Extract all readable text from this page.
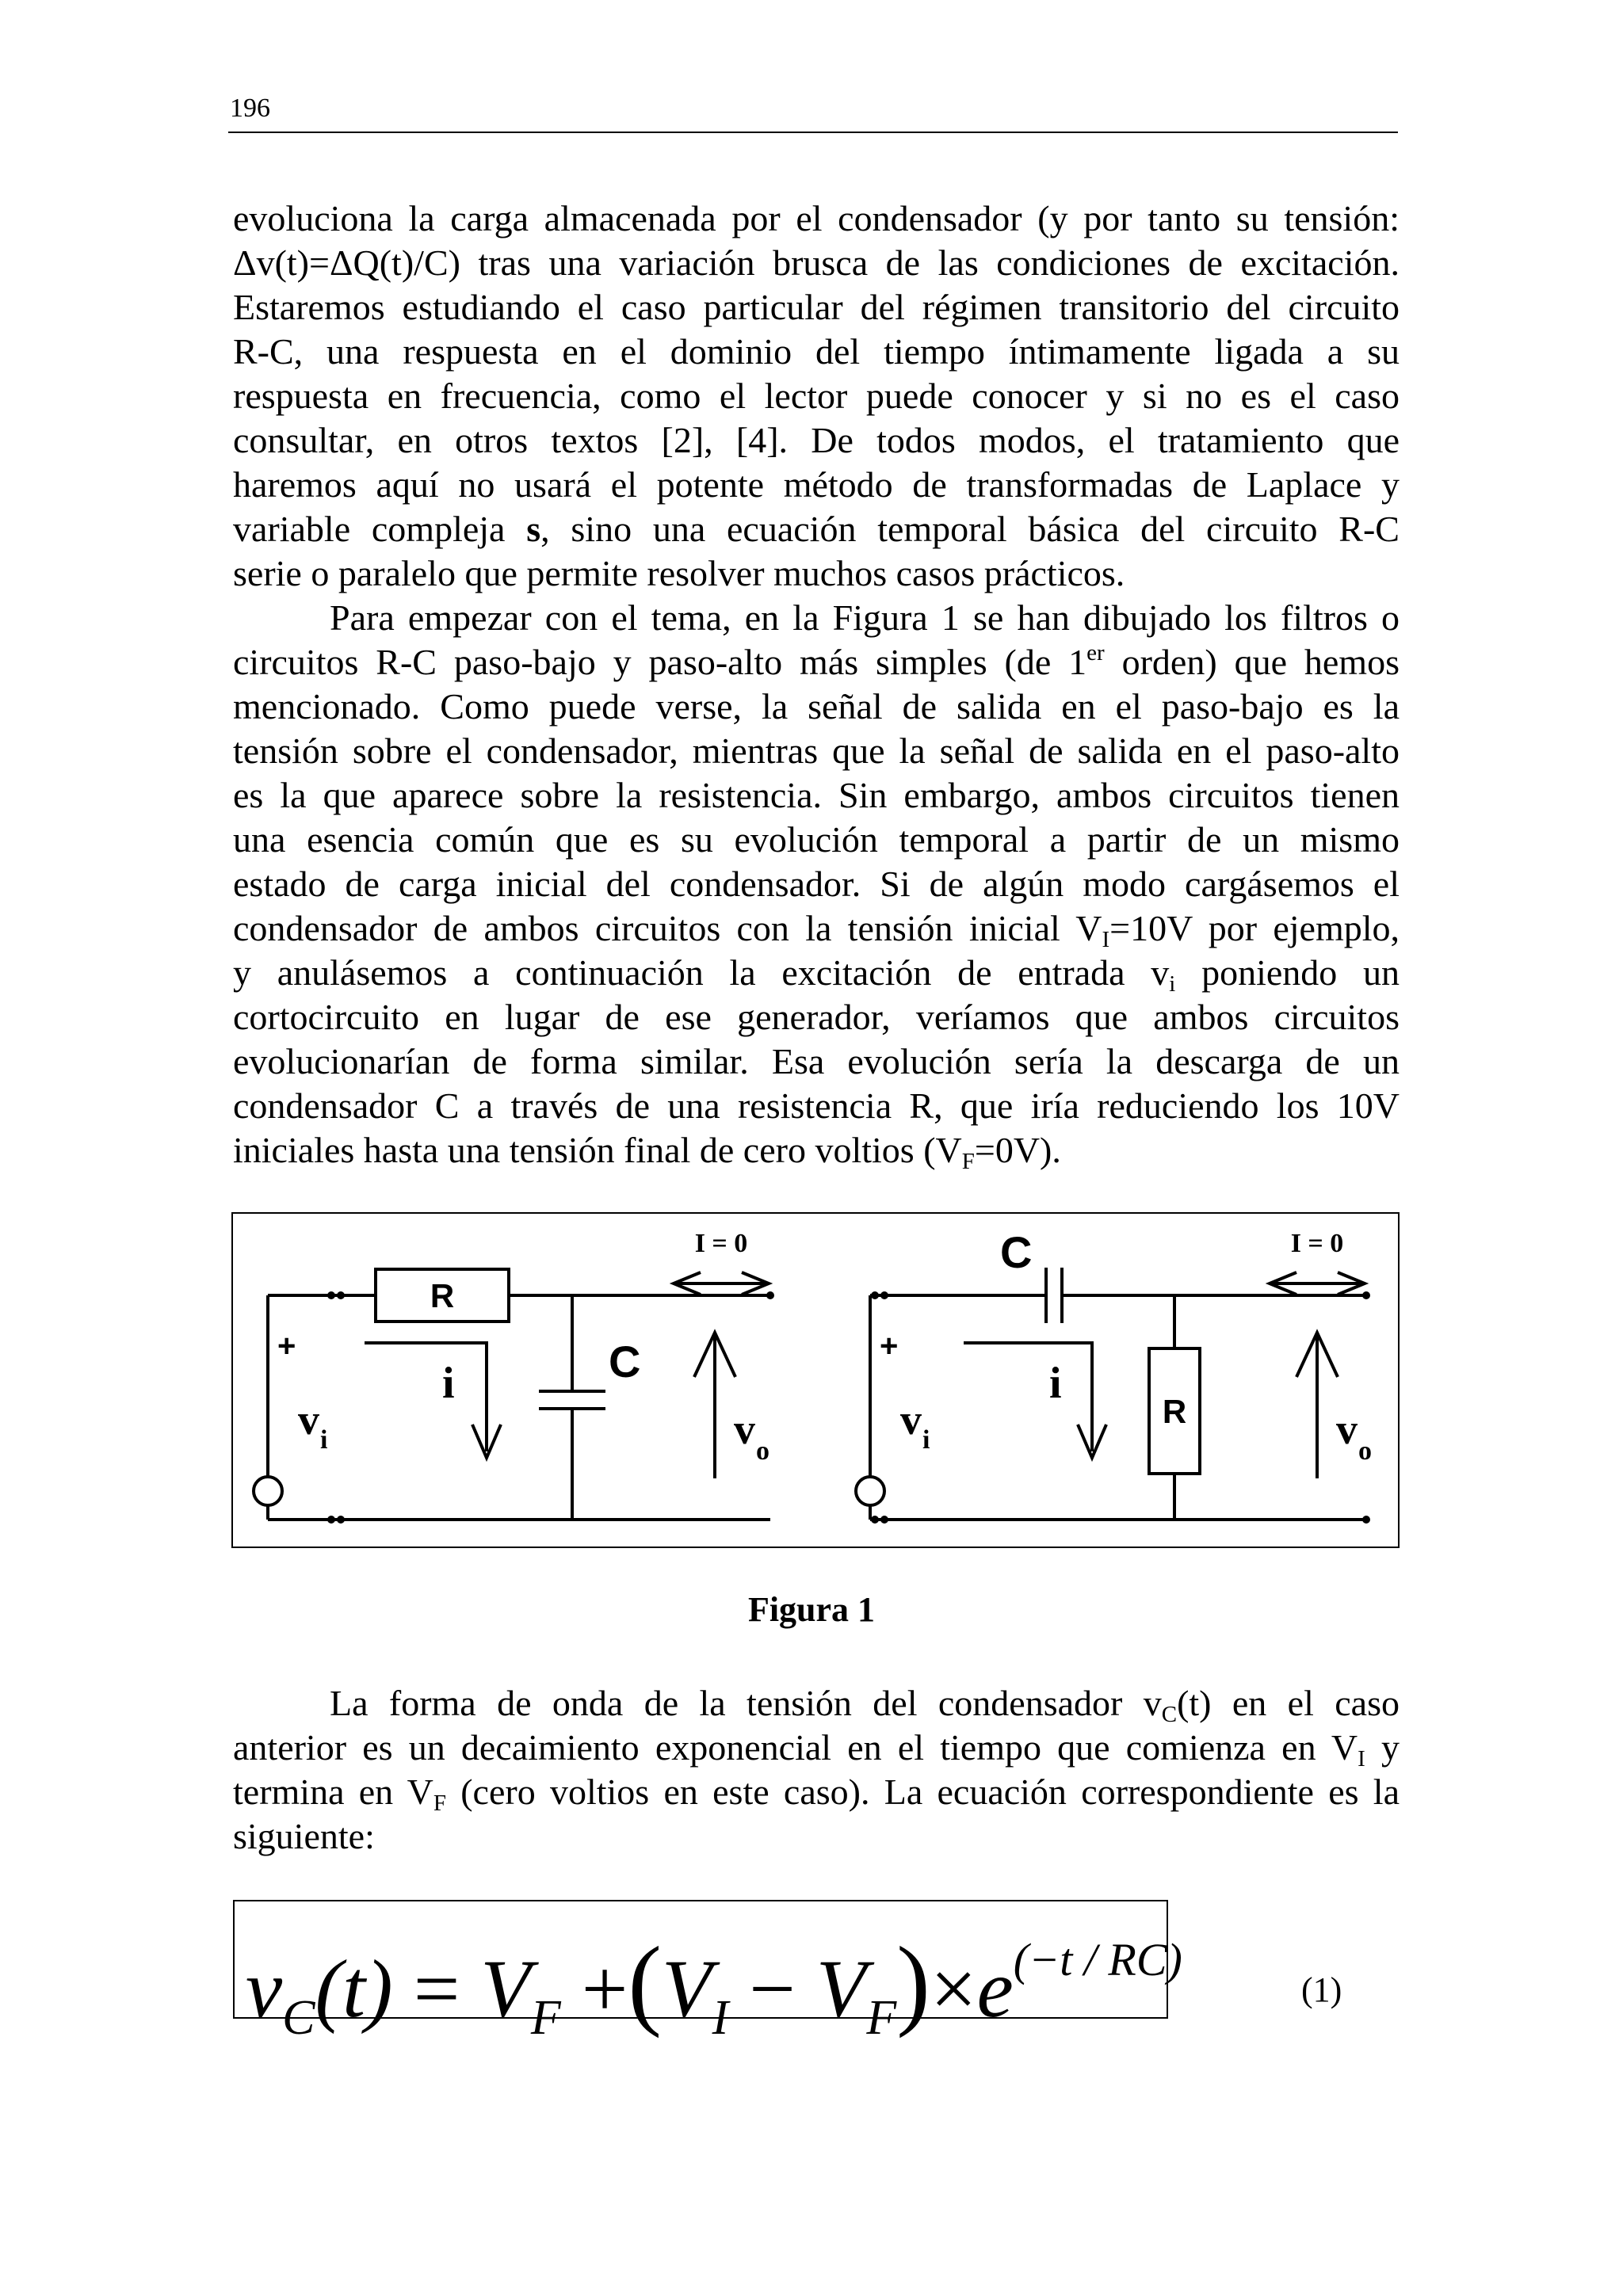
196
evoluciona la carga almacenada por el condensador (y por tanto su tensión:
Δv(t)=ΔQ(t)/C) tras una variación brusca de las condiciones de excitación.
Estaremos estudiando el caso particular del régimen transitorio del circuito
R-C, una respuesta en el dominio del tiempo íntimamente ligada a su
respuesta en frecuencia, como el lector puede conocer y si no es el caso
consultar, en otros textos [2], [4]. De todos modos, el tratamiento que
haremos aquí no usará el potente método de transformadas de Laplace y
variable compleja s, sino una ecuación temporal básica del circuito R-C
serie o paralelo que permite resolver muchos casos prácticos.
Para empezar con el tema, en la Figura 1 se han dibujado los filtros o
circuitos R-C paso-bajo y paso-alto más simples (de 1er orden) que hemos
mencionado. Como puede verse, la señal de salida en el paso-bajo es la
tensión sobre el condensador, mientras que la señal de salida en el paso-alto
es la que aparece sobre la resistencia. Sin embargo, ambos circuitos tienen
una esencia común que es su evolución temporal a partir de un mismo
estado de carga inicial del condensador. Si de algún modo cargásemos el
condensador de ambos circuitos con la tensión inicial $V_I=10V$ por ejemplo,
y anulásemos a continuación la excitación de entrada $v_i$ poniendo un
cortocircuito en lugar de ese generador, veríamos que ambos circuitos
evolucionarían de forma similar. Esa evolución sería la descarga de un
condensador C a través de una resistencia R, que iría reduciendo los 10V
iniciales hasta una tensión final de cero voltios $(V_F=0V)$.
R
C
i
+
v i	v o
I = 0
R
C
i
+
v i	v o
I = 0
Figura 1
La forma de onda de la tensión del condensador $v_C(t)$ en el caso
anterior es un decaimiento exponencial en el tiempo que comienza en $V_I$ y
termina en $V_F$ (cero voltios en este caso). La ecuación correspondiente es la
siguiente:
$v_C(t) = V_F +(V_I - V_F)\times e^{(-t / RC)}$
(1)
